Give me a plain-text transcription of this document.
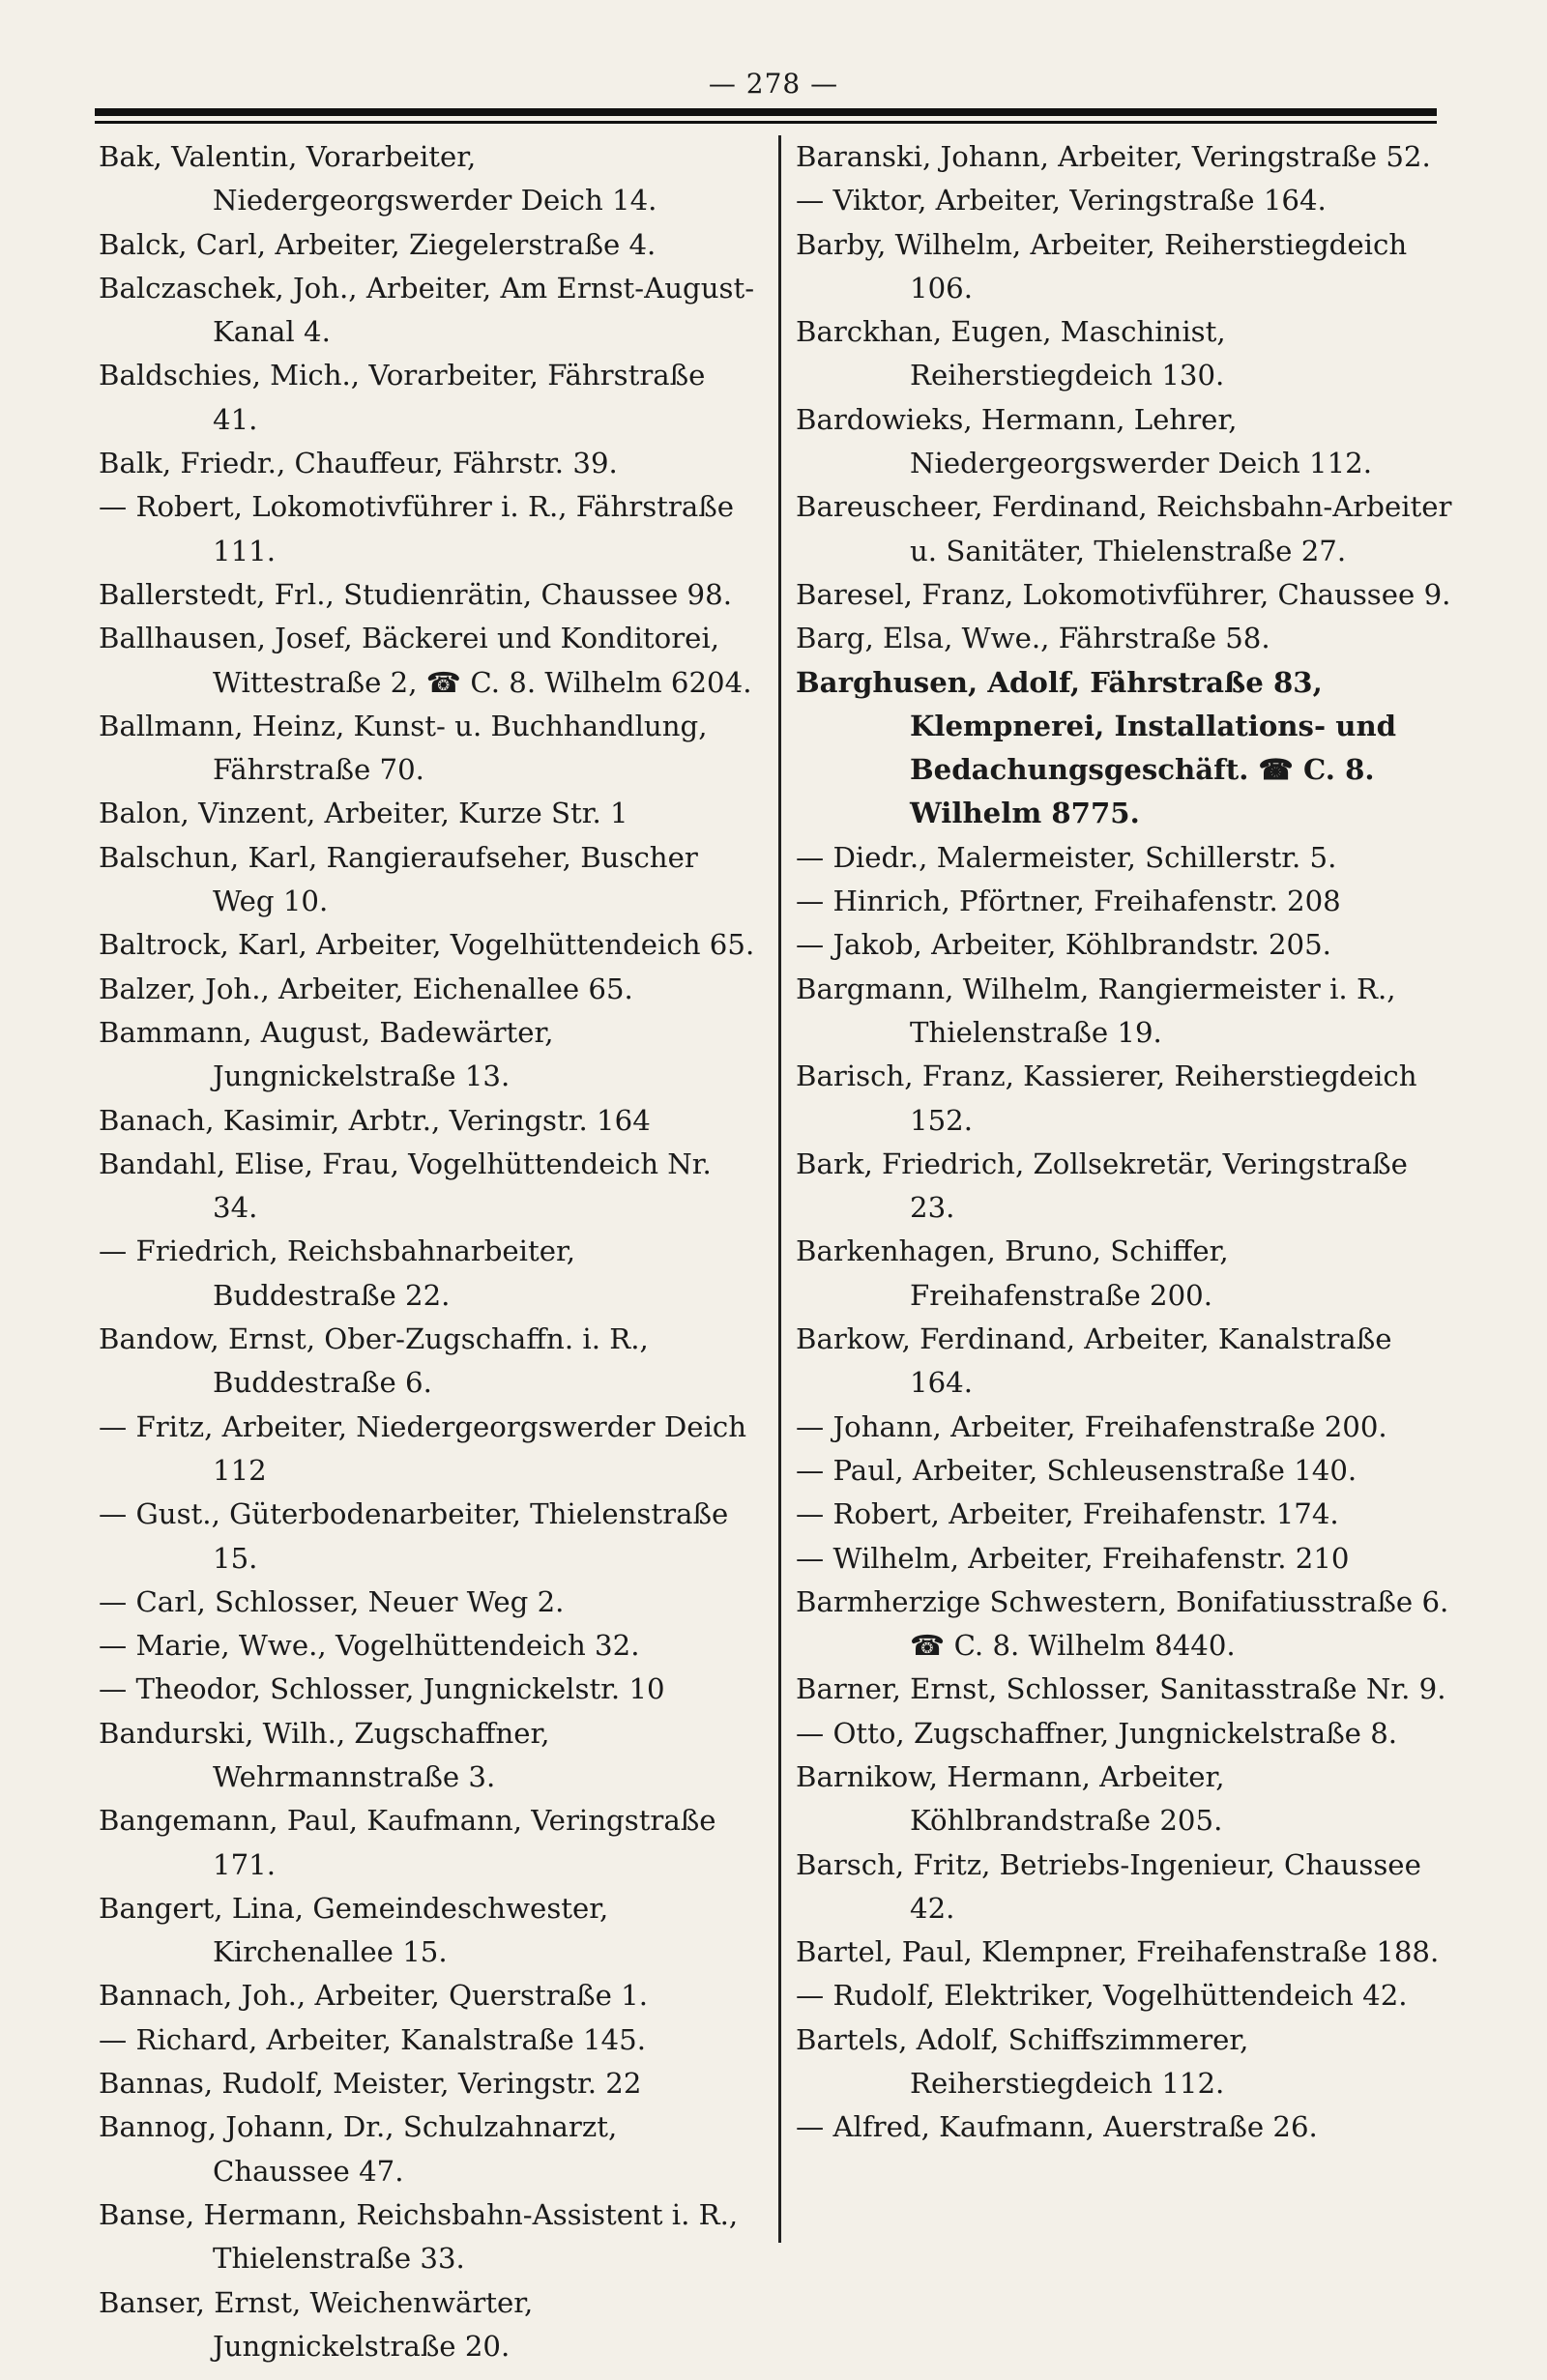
— 278 —

Bak, Valentin, Vorarbeiter, Niedergeorgswerder Deich 14.

Balck, Carl, Arbeiter, Ziegelerstraße 4.

Balczaschek, Joh., Arbeiter, Am Ernst-August-Kanal 4.

Baldschies, Mich., Vorarbeiter, Fährstraße 41.

Balk, Friedr., Chauffeur, Fährstr. 39.

— Robert, Lokomotivführer i. R., Fährstraße 111.

Ballerstedt, Frl., Studienrätin, Chaussee 98.

Ballhausen, Josef, Bäckerei und Konditorei, Wittestraße 2, ☎ C. 8. Wilhelm 6204.

Ballmann, Heinz, Kunst- u. Buchhandlung, Fährstraße 70.

Balon, Vinzent, Arbeiter, Kurze Str. 1

Balschun, Karl, Rangieraufseher, Buscher Weg 10.

Baltrock, Karl, Arbeiter, Vogelhüttendeich 65.

Balzer, Joh., Arbeiter, Eichenallee 65.

Bammann, August, Badewärter, Jungnickelstraße 13.

Banach, Kasimir, Arbtr., Veringstr. 164

Bandahl, Elise, Frau, Vogelhüttendeich Nr. 34.

— Friedrich, Reichsbahnarbeiter, Buddestraße 22.

Bandow, Ernst, Ober-Zugschaffn. i. R., Buddestraße 6.

— Fritz, Arbeiter, Niedergeorgswerder Deich 112

— Gust., Güterbodenarbeiter, Thielenstraße 15.

— Carl, Schlosser, Neuer Weg 2.

— Marie, Wwe., Vogelhüttendeich 32.

— Theodor, Schlosser, Jungnickelstr. 10

Bandurski, Wilh., Zugschaffner, Wehrmannstraße 3.

Bangemann, Paul, Kaufmann, Veringstraße 171.

Bangert, Lina, Gemeindeschwester, Kirchenallee 15.

Bannach, Joh., Arbeiter, Querstraße 1.

— Richard, Arbeiter, Kanalstraße 145.

Bannas, Rudolf, Meister, Veringstr. 22

Bannog, Johann, Dr., Schulzahnarzt, Chaussee 47.

Banse, Hermann, Reichsbahn-Assistent i. R., Thielenstraße 33.

Banser, Ernst, Weichenwärter, Jungnickelstraße 20.

Baranski, Johann, Arbeiter, Veringstraße 52.

— Viktor, Arbeiter, Veringstraße 164.

Barby, Wilhelm, Arbeiter, Reiherstiegdeich 106.

Barckhan, Eugen, Maschinist, Reiherstiegdeich 130.

Bardowieks, Hermann, Lehrer, Niedergeorgswerder Deich 112.

Bareuscheer, Ferdinand, Reichsbahn-Arbeiter u. Sanitäter, Thielenstraße 27.

Baresel, Franz, Lokomotivführer, Chaussee 9.

Barg, Elsa, Wwe., Fährstraße 58.

Barghusen, Adolf, Fährstraße 83, Klempnerei, Installations- und Bedachungsgeschäft. ☎ C. 8. Wilhelm 8775.

— Diedr., Malermeister, Schillerstr. 5.

— Hinrich, Pförtner, Freihafenstr. 208

— Jakob, Arbeiter, Köhlbrandstr. 205.

Bargmann, Wilhelm, Rangiermeister i. R., Thielenstraße 19.

Barisch, Franz, Kassierer, Reiherstiegdeich 152.

Bark, Friedrich, Zollsekretär, Veringstraße 23.

Barkenhagen, Bruno, Schiffer, Freihafenstraße 200.

Barkow, Ferdinand, Arbeiter, Kanalstraße 164.

— Johann, Arbeiter, Freihafenstraße 200.

— Paul, Arbeiter, Schleusenstraße 140.

— Robert, Arbeiter, Freihafenstr. 174.

— Wilhelm, Arbeiter, Freihafenstr. 210

Barmherzige Schwestern, Bonifatiusstraße 6. ☎ C. 8. Wilhelm 8440.

Barner, Ernst, Schlosser, Sanitasstraße Nr. 9.

— Otto, Zugschaffner, Jungnickelstraße 8.

Barnikow, Hermann, Arbeiter, Köhlbrandstraße 205.

Barsch, Fritz, Betriebs-Ingenieur, Chaussee 42.

Bartel, Paul, Klempner, Freihafenstraße 188.

— Rudolf, Elektriker, Vogelhüttendeich 42.

Bartels, Adolf, Schiffszimmerer, Reiherstiegdeich 112.

— Alfred, Kaufmann, Auerstraße 26.
